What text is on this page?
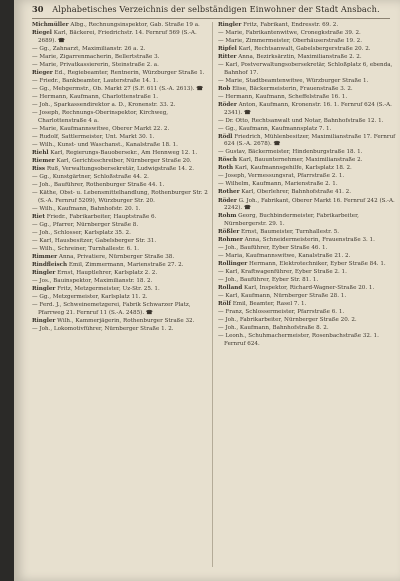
30 Alphabetisches Verzeichnis der selbständigen Einwohner der Stadt Ansbach.
Michmüller Albg., Rechnungsinspektor, Gab. Straße 19 a.
Riegel Karl, Bäckerei, Friedrichstr. 14. Fernruf 569 (S.-A. 2689). ☎
— Gg., Zahnarzt, Maximilianstr. 26 a. 2.
— Marie, Zigarrenmacherin, Bellertstraße 3.
— Marie, Privatkassiererin, Steinstraße 2. a.
Rieger Ed., Regiebeamter, Rentnerin, Würzburger Straße 1.
— Friedr., Bankbeamter, Lauterstraße 14. 1.
— Gg., Mehgermstr., Ob. Markt 27 (S.F. 611 (S.-A. 2613). ☎
— Hermann, Kaufmann, Charlottenstraße 1.
— Joh., Sparkassendirektor a. D., Kronenstr. 33. 2.
— Joseph, Rechnungs-Oberinspektor, Kirchweg, Charlottenstraße 4 a.
— Marie, Kaufmannswitwe, Oberer Markt 22. 2.
— Rudolf, Sattlermeister, Unt. Markt 30. 1.
— Wilh., Kunst- und Waschanst., Kanalstraße 18. 1.
Riehl Karl, Regierungs-Bauobersekr., Am Hennweg 12. 1.
Riemer Karl, Gerichtsschreiber, Nürnberger Straße 20.
Riss Ruß, Verwaltungsobersekretär, Ludwigstraße 14. 2.
— Gg., Kunstgärtner, Schloßstraße 44. 2.
— Joh., Bauführer, Rothenburger Straße 44. 1.
— Käthe, Obst- u. Lebensmittelhandlung, Rothenburger Str. 2 (S.-A. Fernruf 5209), Würzburger Str. 20.
— Wilh., Kaufmann, Bahnhofstr. 20. 1.
Riet Friedr., Fabrikarbeiter, Hauptstraße 6.
— Gg., Pfarrer, Nürnberger Straße 8.
— Joh., Schlosser, Karlsplatz 35. 2.
— Karl, Hausbesitzer, Gabelsberger Str. 31.
— Wilh., Schreiner, Turnhallestr. 6. 1.
Rimmer Anna, Privatiere, Nürnberger Straße 38.
Rindfleisch Emil, Zimmermann, Marienstraße 27. 2.
Ringler Ernst, Hauptlehrer, Karlsplatz 2. 2.
— Jos., Bauinspektor, Maximilianstr. 18. 2.
Ringler Fritz, Metzgermeister, Uz-Str. 25. 1.
— Gg., Metzgermeister, Karlsplatz 11. 2.
— Ferd. J., Schweinemetzgerei, Fabrik Schwarzer Platz, Pfarrweg 21. Fernruf 11 (S.-A. 2485). ☎
Ringler Wilh., Kammerjägerin, Rothenburger Straße 32.
— Joh., Lokomotivführer, Nürnberger Straße 1. 2.
Ringler Fritz, Fabrikant, Endresstr. 69. 2.
— Marie, Fabrikantenwitwe, Cronegkstraße 39. 2.
— Marie, Zimmermeister, Oberhäuserstraße 19. 2.
Ripfel Karl, Rechtsanwalt, Gabelsbergerstraße 20. 2.
Ritter Anna, Bezirksärztin, Maximilianstraße 2. 2.
— Karl, Postverwaltungsobersekretär, Schloßplatz 6, ebenda, Bahnhof 17.
— Marie, Stadtbeamtenwitwe, Würzburger Straße 1.
Rob Elise, Bäckermeisterin, Frauenstraße 3. 2.
— Hermann, Kaufmann, Scheffelstraße 16. 1.
Röder Anton, Kaufmann, Kronenstr. 16. 1. Fernruf 624 (S.-A. 2341). ☎
— Dr. Otto, Rechtsanwalt und Notar, Bahnhofstraße 12. 1.
— Gg., Kaufmann, Kaufmannsplatz 7. 1.
Rödl Friedrich, Mühlenbesitzer, Maximilianstraße 17. Fernruf 624 (S.-A. 2678). ☎
— Gustav, Bäckermeister, Hindenburgstraße 18. 1.
Rösch Karl, Bauunternehmer, Maximilianstraße 2.
Roth Karl, Kaufmannsgehilfe, Karlsplatz 18. 2.
— Joseph, Vermessungsrat, Pfarrstraße 2. 1.
— Wilhelm, Kaufmann, Marienstraße 2. 1.
Rother Karl, Oberlehrer, Bahnhofstraße 41. 2.
Röder G. Joh., Fabrikant, Oberer Markt 16. Fernruf 242 (S.-A. 2242). ☎
Rohm Georg, Buchbindermeister, Fabrikarbeiter, Nürnbergerstr. 29. 1.
Rößler Ernst, Baumeister, Turnhallestr. 5.
Rohmer Anna, Schneidermeisterin, Frauenstraße 3. 1.
— Joh., Bauführer, Eyber Straße 46. 1.
— Maria, Kaufmannswitwe, Kanalstraße 21. 2.
Rollinger Hermann, Elektrotechniker, Eyber Straße 84. 1.
— Karl, Kraftwagenführer, Eyber Straße 2. 1.
— Joh., Bauführer, Eyber Str. 81. 1.
Rolland Karl, Inspektor, Richard-Wagner-Straße 20. 1.
— Karl, Kaufmann, Nürnberger Straße 28. 1.
Rölf Emil, Beamter, Rasel 7. 1.
— Franz, Schlossermeister, Pfarrstraße 6. 1.
— Joh., Fabrikarbeiter, Nürnberger Straße 20. 2.
— Joh., Kaufmann, Bahnhofstraße 8. 2.
— Leonh., Schuhmachermeister, Rosenbachstraße 32. 1. Fernruf 624.
